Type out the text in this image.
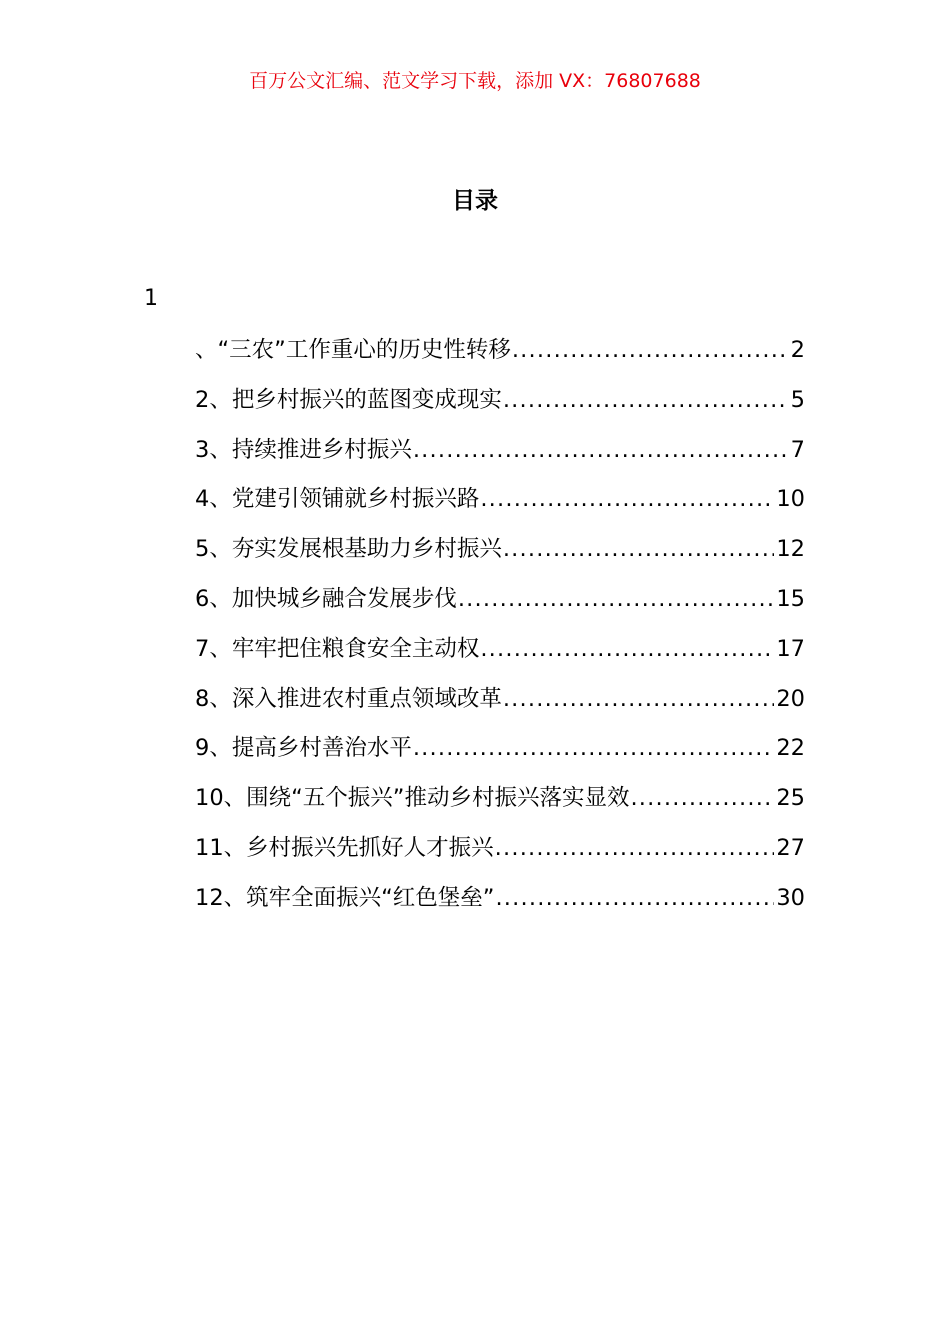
百万公文汇编、范文学习下载，添加 VX：76807688
目录
1
、“三农”工作重心的历史性转移 .....	2
2、把乡村振兴的蓝图变成现实 .....	5
3、持续推进乡村振兴 .....	7
4、党建引领铺就乡村振兴路 .....	10
5、夯实发展根基助力乡村振兴 .....	12
6、加快城乡融合发展步伐 .....	15
7、牢牢把住粮食安全主动权 .....	17
8、深入推进农村重点领域改革 .....	20
9、提高乡村善治水平 .....	22
10、围绕“五个振兴”推动乡村振兴落实显效 .....	25
11、乡村振兴先抓好人才振兴 .....	27
12、筑牢全面振兴“红色堡垒” .....	30
